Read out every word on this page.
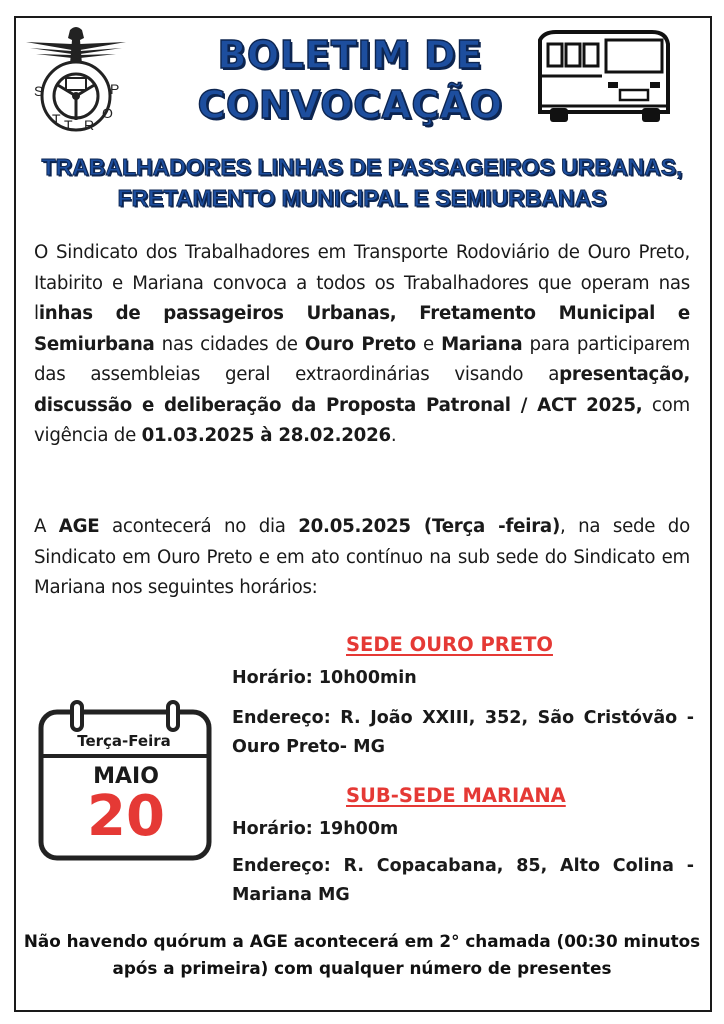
S
T T R
O
P
BOLETIM DE CONVOCAÇÃO
TRABALHADORES LINHAS DE PASSAGEIROS URBANAS, FRETAMENTO MUNICIPAL E SEMIURBANAS
O Sindicato dos Trabalhadores em Transporte Rodoviário de Ouro Preto, Itabirito e Mariana convoca a todos os Trabalhadores que operam nas linhas de passageiros Urbanas, Fretamento Municipal e Semiurbana nas cidades de Ouro Preto e Mariana para participarem das assembleias geral extraordinárias visando apresentação, discussão e deliberação da Proposta Patronal / ACT 2025, com vigência de 01.03.2025 à 28.02.2026.
A AGE acontecerá no dia 20.05.2025 (Terça -feira), na sede do Sindicato em Ouro Preto e em ato contínuo na sub sede do Sindicato em Mariana nos seguintes horários:
SEDE OURO PRETO
Horário: 10h00min
Endereço: R. João XXIII, 352, São Cristóvão - Ouro Preto- MG
SUB-SEDE MARIANA
Horário: 19h00m
Endereço: R. Copacabana, 85, Alto Colina - Mariana MG
Terça-Feira
MAIO
20
Não havendo quórum a AGE acontecerá em 2° chamada (00:30 minutos após a primeira) com qualquer número de presentes
